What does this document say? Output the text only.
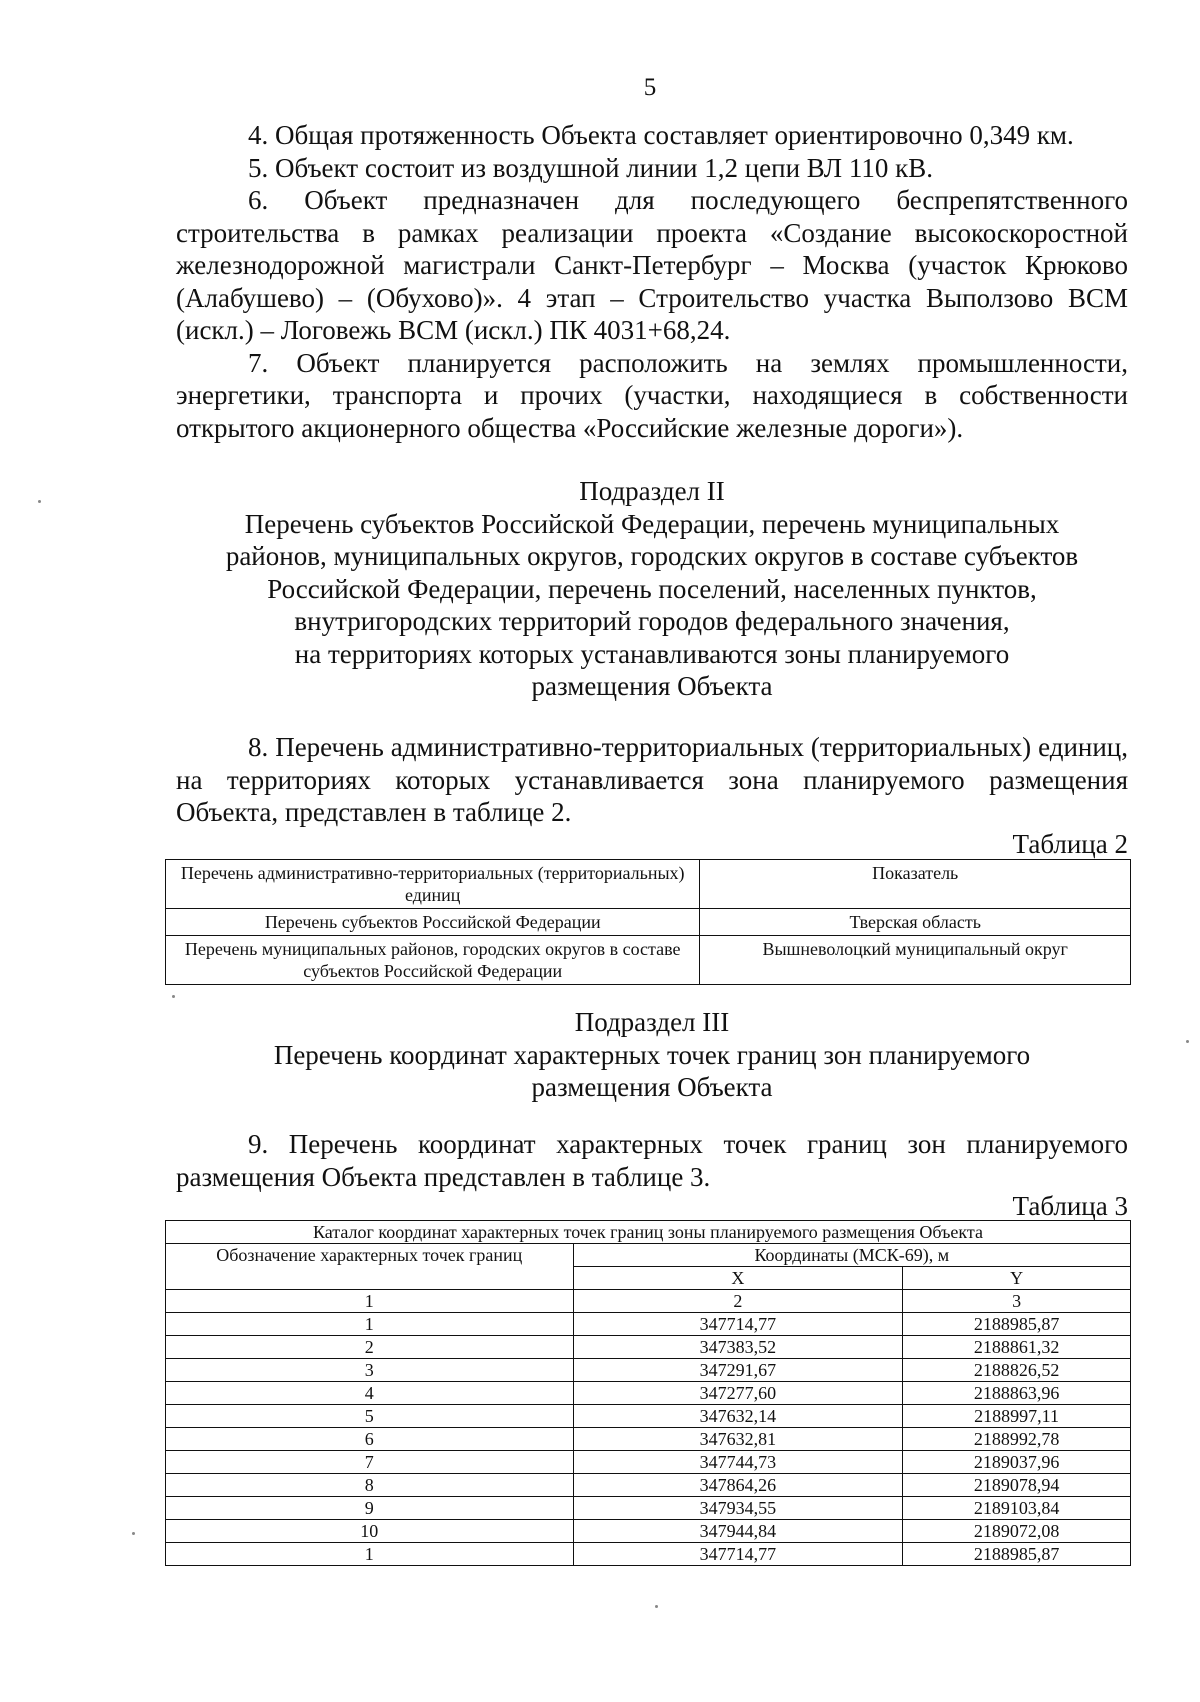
5

4. Общая протяженность Объекта составляет ориентировочно 0,349 км.

5. Объект состоит из воздушной линии 1,2 цепи ВЛ 110 кВ.

6. Объект предназначен для последующего беспрепятственного строительства в рамках реализации проекта «Создание высокоскоростной железнодорожной магистрали Санкт-Петербург – Москва (участок Крюково (Алабушево) – (Обухово)». 4 этап – Строительство участка Выползово ВСМ (искл.) – Логовежь ВСМ (искл.) ПК 4031+68,24.

7. Объект планируется расположить на землях промышленности, энергетики, транспорта и прочих (участки, находящиеся в собственности открытого акционерного общества «Российские железные дороги»).

Подраздел II
Перечень субъектов Российской Федерации, перечень муниципальных
районов, муниципальных округов, городских округов в составе субъектов
Российской Федерации, перечень поселений, населенных пунктов,
внутригородских территорий городов федерального значения,
на территориях которых устанавливаются зоны планируемого
размещения Объекта

8. Перечень административно-территориальных (территориальных) единиц, на территориях которых устанавливается зона планируемого размещения Объекта, представлен в таблице 2.

Таблица 2
Перечень административно-территориальных (территориальных) единиц	Показатель
Перечень субъектов Российской Федерации	Тверская область
Перечень муниципальных районов, городских округов в составе субъектов Российской Федерации	Вышневолоцкий муниципальный округ
Подраздел III
Перечень координат характерных точек границ зон планируемого
размещения Объекта

9. Перечень координат характерных точек границ зон планируемого размещения Объекта представлен в таблице 3.

Таблица 3
Каталог координат характерных точек границ зоны планируемого размещения Объекта		
Обозначение характерных точек границ	Координаты (МСК-69), м	
	X	Y
1	2	3
1	347714,77	2188985,87
2	347383,52	2188861,32
3	347291,67	2188826,52
4	347277,60	2188863,96
5	347632,14	2188997,11
6	347632,81	2188992,78
7	347744,73	2189037,96
8	347864,26	2189078,94
9	347934,55	2189103,84
10	347944,84	2189072,08
1	347714,77	2188985,87
